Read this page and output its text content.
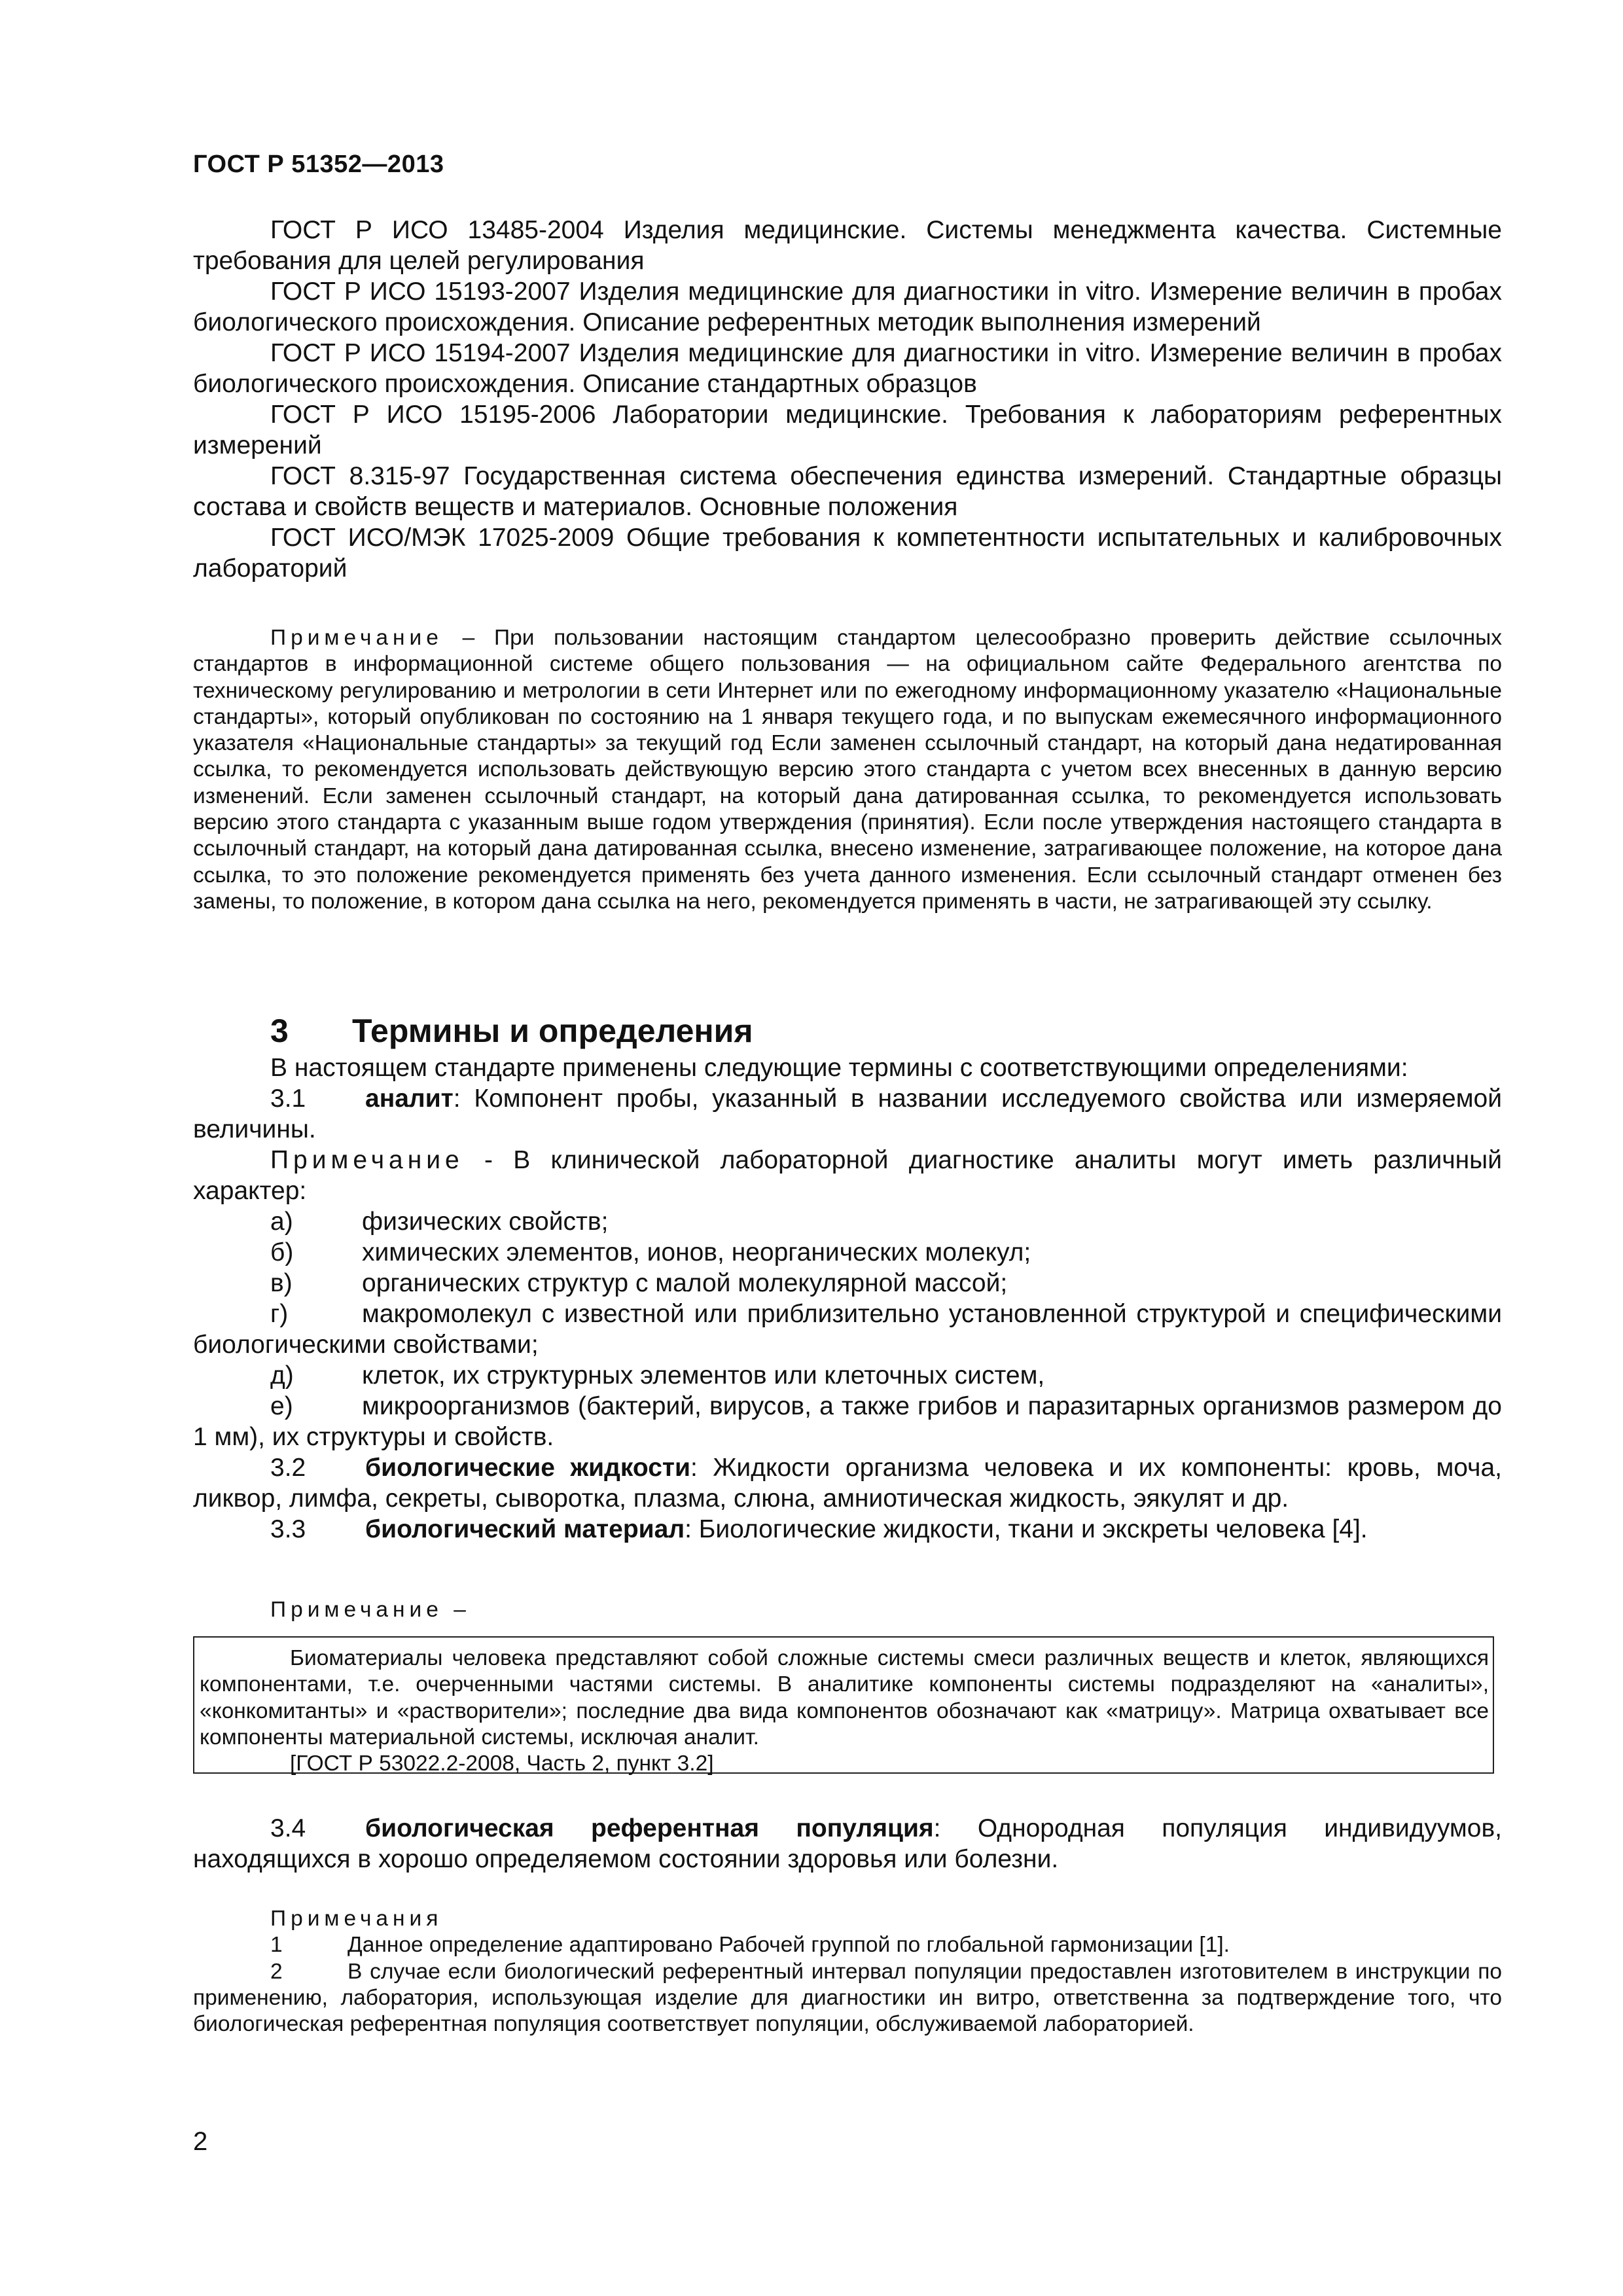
ГОСТ Р 51352—2013

ГОСТ Р ИСО 13485-2004 Изделия медицинские. Системы менеджмента качества. Системные требования для целей регулирования

ГОСТ Р ИСО 15193-2007 Изделия медицинские для диагностики in vitro. Измерение величин в пробах биологического происхождения. Описание референтных методик выполнения измерений

ГОСТ Р ИСО 15194-2007 Изделия медицинские для диагностики in vitro. Измерение величин в пробах биологического происхождения. Описание стандартных образцов

ГОСТ Р ИСО 15195-2006 Лаборатории медицинские. Требования к лабораториям референтных измерений

ГОСТ 8.315-97 Государственная система обеспечения единства измерений. Стандартные образцы состава и свойств веществ и материалов. Основные положения

ГОСТ ИСО/МЭК 17025-2009 Общие требования к компетентности испытательных и калибровочных лабораторий

Примечание – При пользовании настоящим стандартом целесообразно проверить действие ссылочных стандартов в информационной системе общего пользования — на официальном сайте Федерального агентства по техническому регулированию и метрологии в сети Интернет или по ежегодному информационному указателю «Национальные стандарты», который опубликован по состоянию на 1 января текущего года, и по выпускам ежемесячного информационного указателя «Национальные стандарты» за текущий год Если заменен ссылочный стандарт, на который дана недатированная ссылка, то рекомендуется использовать действующую версию этого стандарта с учетом всех внесенных в данную версию изменений. Если заменен ссылочный стандарт, на который дана датированная ссылка, то рекомендуется использовать версию этого стандарта с указанным выше годом утверждения (принятия). Если после утверждения настоящего стандарта в ссылочный стандарт, на который дана датированная ссылка, внесено изменение, затрагивающее положение, на которое дана ссылка, то это положение рекомендуется применять без учета данного изменения. Если ссылочный стандарт отменен без замены, то положение, в котором дана ссылка на него, рекомендуется применять в части, не затрагивающей эту ссылку.

3 Термины и определения

В настоящем стандарте применены следующие термины с соответствующими определениями:

3.1 аналит: Компонент пробы, указанный в названии исследуемого свойства или измеряемой величины.

Примечание - В клинической лабораторной диагностике аналиты могут иметь различный характер:

а)	физических свойств;

б)	химических элементов, ионов, неорганических молекул;

в)	органических структур с малой молекулярной массой;

г)	макромолекул с известной или приблизительно установленной структурой и специфическими биологическими свойствами;

д)	клеток, их структурных элементов или клеточных систем,

е)	микроорганизмов (бактерий, вирусов, а также грибов и паразитарных организмов размером до 1 мм), их структуры и свойств.

3.2 биологические жидкости: Жидкости организма человека и их компоненты: кровь, моча, ликвор, лимфа, секреты, сыворотка, плазма, слюна, амниотическая жидкость, эякулят и др.

3.3 биологический материал: Биологические жидкости, ткани и экскреты человека [4].

Примечание –

Биоматериалы человека представляют собой сложные системы смеси различных веществ и клеток, являющихся компонентами, т.е. очерченными частями системы. В аналитике компоненты системы подразделяют на «аналиты», «конкомитанты» и «растворители»; последние два вида компонентов обозначают как «матрицу». Матрица охватывает все компоненты материальной системы, исключая аналит.

[ГОСТ Р 53022.2-2008, Часть 2, пункт 3.2]

3.4 биологическая референтная популяция: Однородная популяция индивидуумов, находящихся в хорошо определяемом состоянии здоровья или болезни.

Примечания

1	Данное определение адаптировано Рабочей группой по глобальной гармонизации [1].

2	В случае если биологический референтный интервал популяции предоставлен изготовителем в инструкции по применению, лаборатория, использующая изделие для диагностики ин витро, ответственна за подтверждение того, что биологическая референтная популяция соответствует популяции, обслуживаемой лабораторией.

2
